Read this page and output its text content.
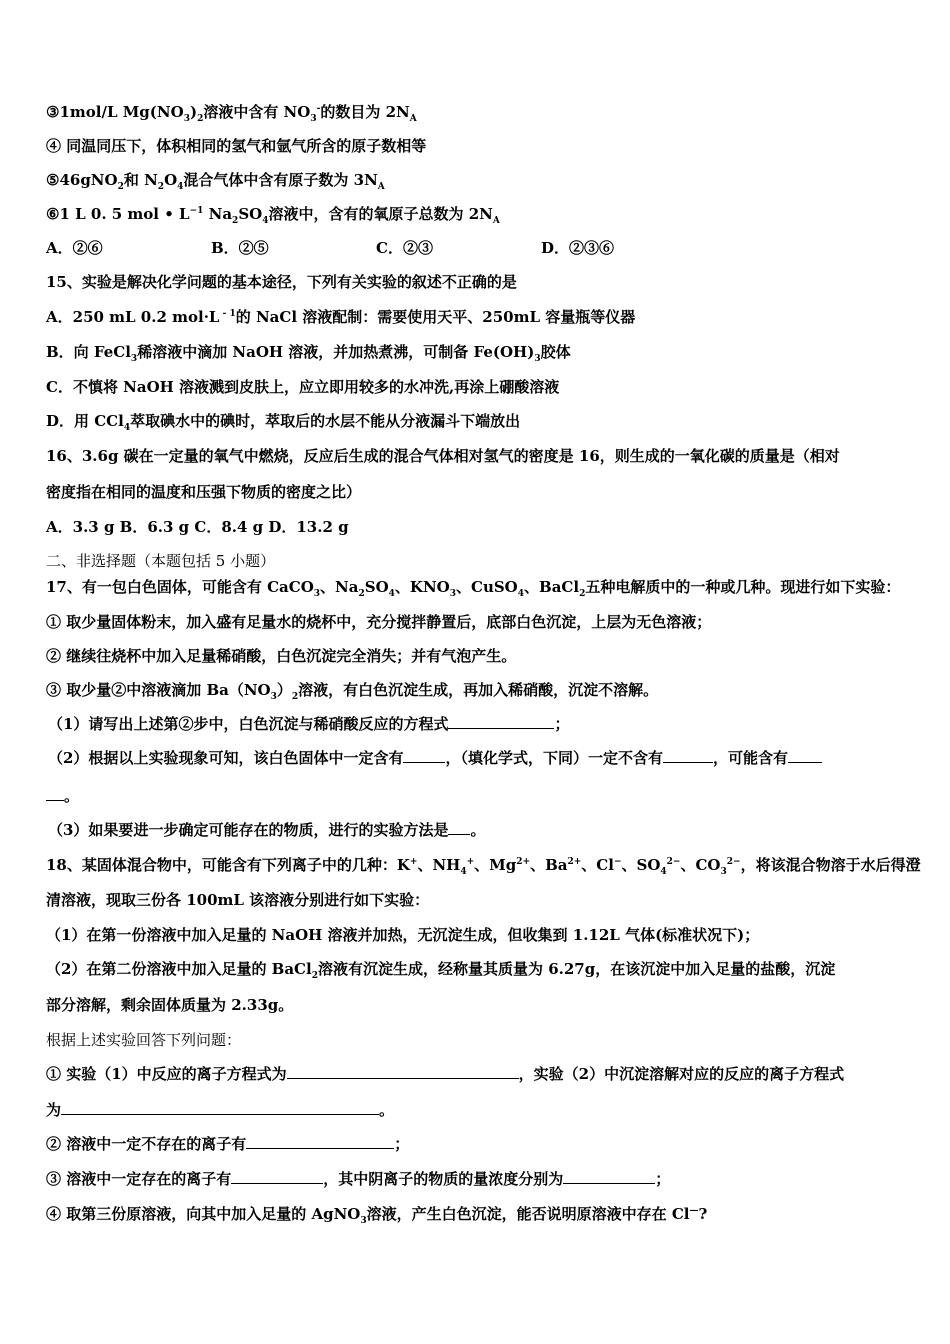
③1mol/L $Mg(NO_3)_2$溶液中含有 $NO_3^-$的数目为 $2N_A$
④ 同温同压下，体积相同的氢气和氩气所含的原子数相等
⑤46gNO$_2$和 $N_2O_4$混合气体中含有原子数为 $3N_A$
⑥1 L 0. 5 mol • $L^{-1}$ $Na_2SO_4$溶液中，含有的氧原子总数为 $2N_A$
A．②⑥	B．②⑤	C．②③	D．②③⑥
15、实验是解决化学问题的基本途径，下列有关实验的叙述不正确的是
A．250 mL 0.2 mol·L $^{- 1}$的 NaCl 溶液配制：需要使用天平、250mL 容量瓶等仪器
B．向 FeCl$_3$稀溶液中滴加 NaOH 溶液，并加热煮沸，可制备 $Fe(OH)_3$胶体
C．不慎将 NaOH 溶液溅到皮肤上，应立即用较多的水冲洗,再涂上硼酸溶液
D．用 CCl$_4$萃取碘水中的碘时，萃取后的水层不能从分液漏斗下端放出
16、3.6g 碳在一定量的氧气中燃烧，反应后生成的混合气体相对氢气的密度是 16，则生成的一氧化碳的质量是（相对
密度指在相同的温度和压强下物质的密度之比）
A．3.3 g B．6.3 g C．8.4 g D．13.2 g
二、非选择题（本题包括 5 小题）
17、有一包白色固体，可能含有 CaCO$_3$、$Na_2SO_4$、$KNO_3$、CuSO$_4$、BaCl$_2$五种电解质中的一种或几种。现进行如下实验：
① 取少量固体粉末，加入盛有足量水的烧杯中，充分搅拌静置后，底部白色沉淀，上层为无色溶液；
② 继续往烧杯中加入足量稀硝酸，白色沉淀完全消失；并有气泡产生。
③ 取少量②中溶液滴加 $Ba(NO_3)_2$溶液，有白色沉淀生成，再加入稀硝酸，沉淀不溶解。
（1）请写出上述第②步中，白色沉淀与稀硝酸反应的方程式	；
（2）根据以上实验现象可知，该白色固体中一定含有	，（填化学式，下同）一定不含有	，可能含有
。
（3）如果要进一步确定可能存在的物质，进行的实验方法是 。
18、某固体混合物中，可能含有下列离子中的几种：K+、$NH_4^+$、$Mg^{2+}$、$Ba^{2+}$、Cl−、$SO_4^{2-}$、$CO_3^{2-}$，将该混合物溶于水后得澄
清溶液，现取三份各 100mL 该溶液分别进行如下实验：
（1）在第一份溶液中加入足量的 NaOH 溶液并加热，无沉淀生成，但收集到 1.12L 气体(标准状况下)；
（2）在第二份溶液中加入足量的 BaCl$_2$溶液有沉淀生成，经称量其质量为 6.27g，在该沉淀中加入足量的盐酸，沉淀
部分溶解，剩余固体质量为 2.33g。
根据上述实验回答下列问题：
① 实验（1）中反应的离子方程式为	，实验（2）中沉淀溶解对应的反应的离子方程式
为	。
② 溶液中一定不存在的离子有	；
③ 溶液中一定存在的离子有	，其中阴离子的物质的量浓度分别为	；
④ 取第三份原溶液，向其中加入足量的 AgNO$_3$溶液，产生白色沉淀，能否说明原溶液中存在 Cl—?
